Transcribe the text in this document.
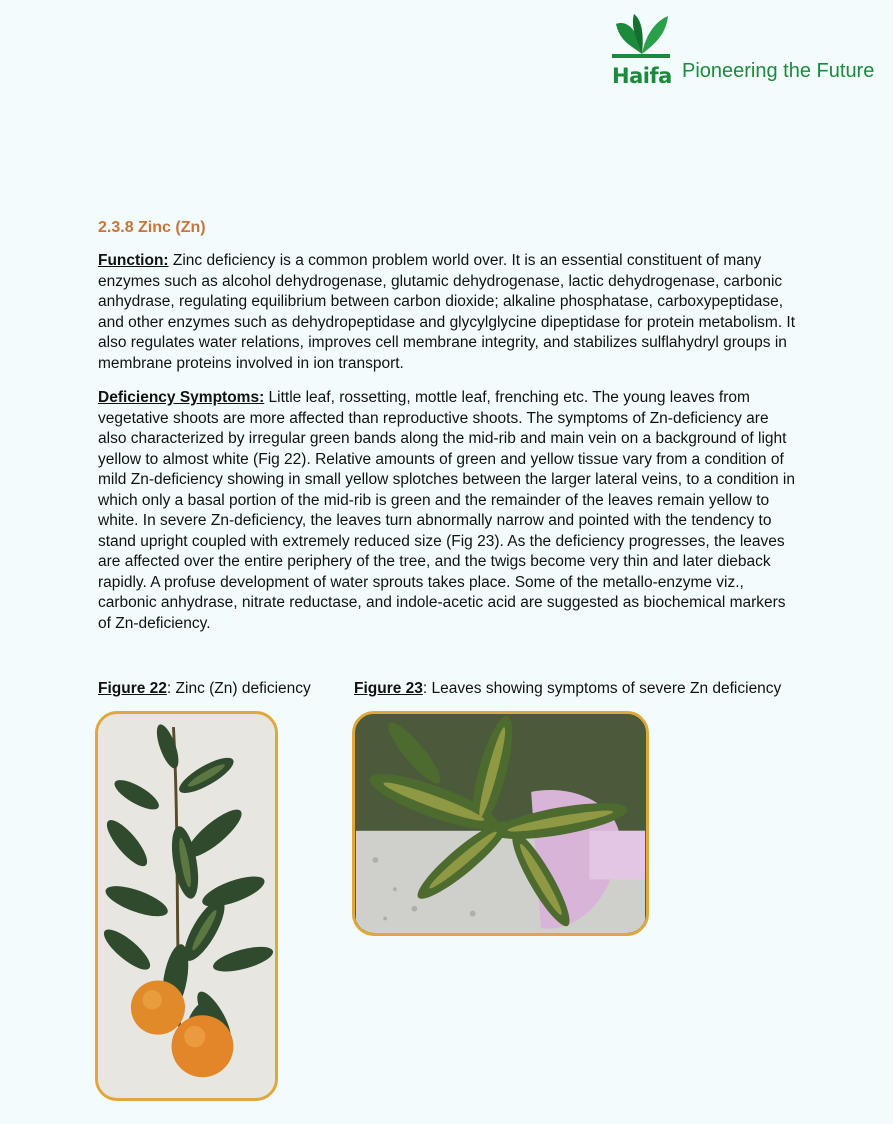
Haifa Pioneering the Future
2.3.8 Zinc (Zn)

Function: Zinc deficiency is a common problem world over. It is an essential constituent of many enzymes such as alcohol dehydrogenase, glutamic dehydrogenase, lactic dehydrogenase, carbonic anhydrase, regulating equilibrium between carbon dioxide; alkaline phosphatase, carboxypeptidase, and other enzymes such as dehydropeptidase and glycylglycine dipeptidase for protein metabolism. It also regulates water relations, improves cell membrane integrity, and stabilizes sulflahydryl groups in membrane proteins involved in ion transport.

Deficiency Symptoms: Little leaf, rossetting, mottle leaf, frenching etc. The young leaves from vegetative shoots are more affected than reproductive shoots. The symptoms of Zn-deficiency are also characterized by irregular green bands along the mid-rib and main vein on a background of light yellow to almost white (Fig 22). Relative amounts of green and yellow tissue vary from a condition of mild Zn-deficiency showing in small yellow splotches between the larger lateral veins, to a condition in which only a basal portion of the mid-rib is green and the remainder of the leaves remain yellow to white. In severe Zn-deficiency, the leaves turn abnormally narrow and pointed with the tendency to stand upright coupled with extremely reduced size (Fig 23). As the deficiency progresses, the leaves are affected over the entire periphery of the tree, and the twigs become very thin and later dieback rapidly. A profuse development of water sprouts takes place. Some of the metallo-enzyme viz., carbonic anhydrase, nitrate reductase, and indole-acetic acid are suggested as biochemical markers of Zn-deficiency.

Figure 22: Zinc (Zn) deficiency	Figure 23: Leaves showing symptoms of severe Zn deficiency
